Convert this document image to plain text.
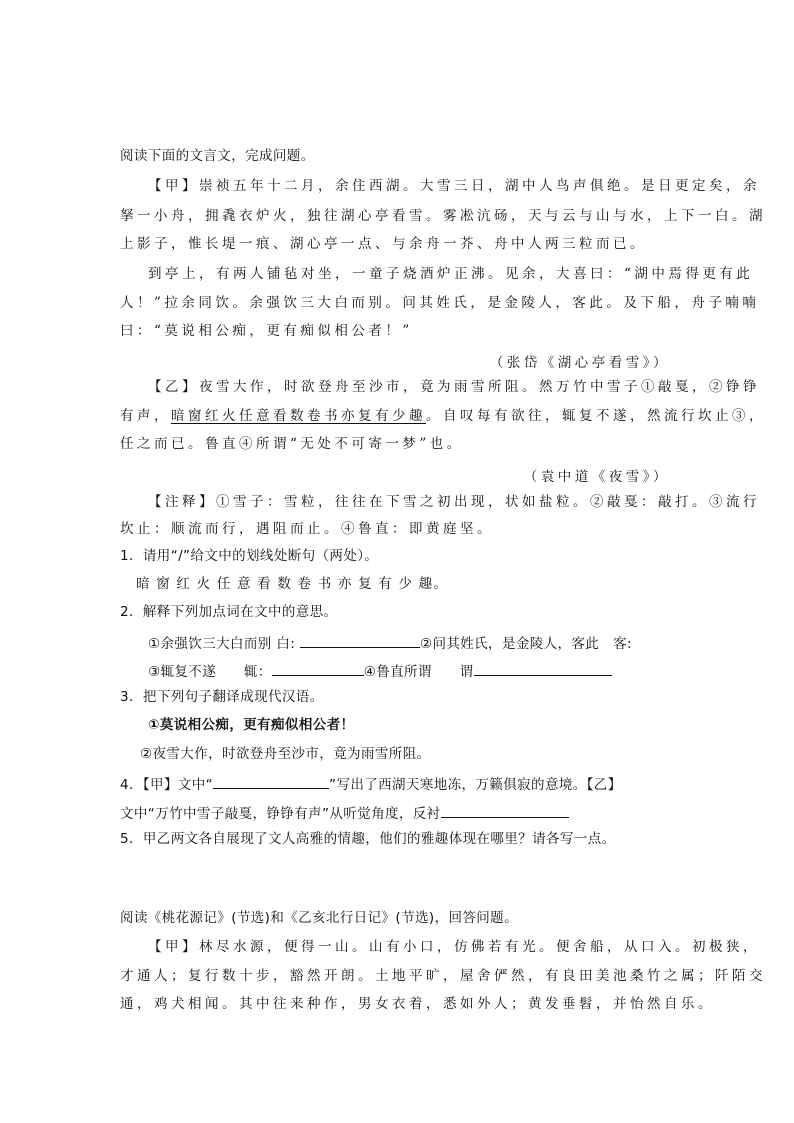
阅读下面的文言文，完成问题。
【甲】崇祯五年十二月，余住西湖。大雪三日，湖中人鸟声俱绝。是日更定矣，余
拏一小舟，拥毳衣炉火，独往湖心亭看雪。雾凇沆砀，天与云与山与水，上下一白。湖
上影子，惟长堤一痕、湖心亭一点、与余舟一芥、舟中人两三粒而已。
到亭上，有两人铺毡对坐，一童子烧酒炉正沸。见余，大喜曰：“湖中焉得更有此
人！”拉余同饮。余强饮三大白而别。问其姓氏，是金陵人，客此。及下船，舟子喃喃
曰：“莫说相公痴，更有痴似相公者！”
（张岱《湖心亭看雪》）
【乙】夜雪大作，时欲登舟至沙市，竟为雨雪所阻。然万竹中雪子①敲戛，②铮铮
有声，暗窗红火任意看数卷书亦复有少趣。自叹每有欲往，辄复不遂，然流行坎止③，
任之而已。鲁直④所谓“无处不可寄一梦”也。
（袁中道《夜雪》）
【注释】①雪子：雪粒，往往在下雪之初出现，状如盐粒。②敲戛：敲打。③流行
坎止：顺流而行，遇阻而止。④鲁直：即黄庭坚。
1．请用“/”给文中的划线处断句（两处）。
暗 窗 红 火 任 意 看 数 卷 书 亦 复 有 少 趣。
2．解释下列加点词在文中的意思。
①余强饮三大白而别 白:	②问其姓氏，是金陵人，客此　客:
③辄复不遂　　辄：	④鲁直所谓　　谓
3．把下列句子翻译成现代汉语。
①莫说相公痴，更有痴似相公者！
②夜雪大作，时欲登舟至沙市，竟为雨雪所阻。
4．【甲】文中“	”写出了西湖天寒地冻，万籁俱寂的意境。【乙】
文中“万竹中雪子敲戛，铮铮有声”从听觉角度，反衬
5．甲乙两文各自展现了文人高雅的情趣，他们的雅趣体现在哪里？请各写一点。
阅读《桃花源记》(节选)和《乙亥北行日记》(节选)，回答问题。
【甲】林尽水源，便得一山。山有小口，仿佛若有光。便舍船，从口入。初极狭，
才通人；复行数十步，豁然开朗。土地平旷，屋舍俨然，有良田美池桑竹之属；阡陌交
通，鸡犬相闻。其中往来种作，男女衣着，悉如外人；黄发垂髫，并怡然自乐。
